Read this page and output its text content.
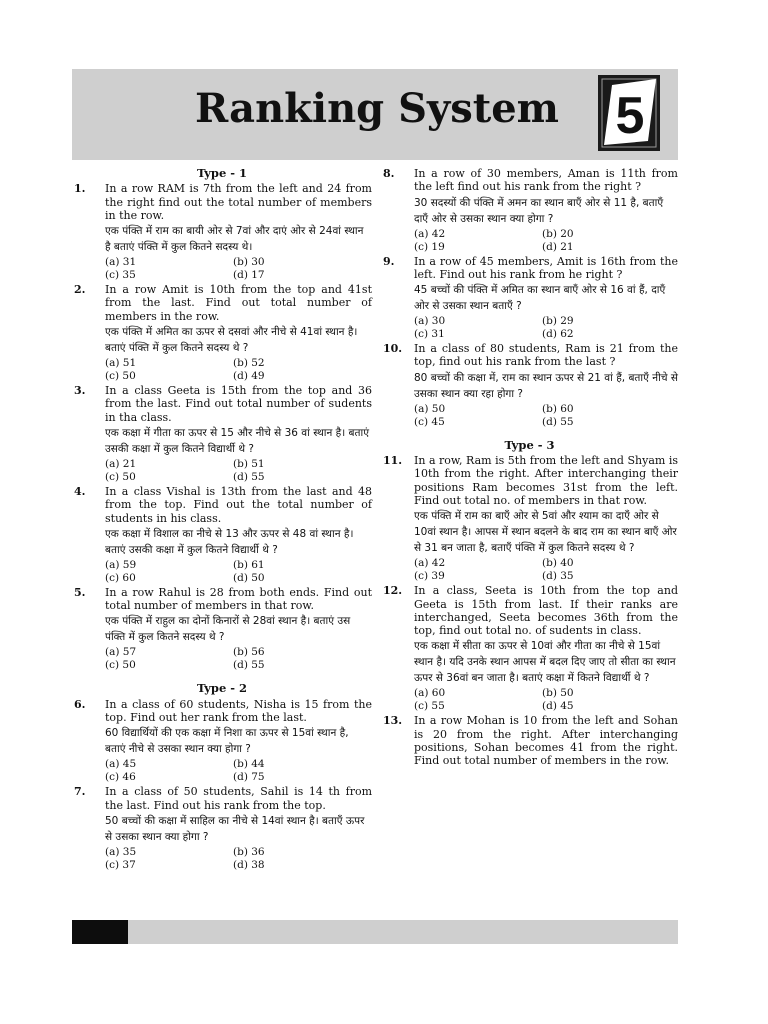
Ranking System 5
Type - 1
1. In a row RAM is 7th from the left and 24 from the right find out the total number of members in the row.
एक पंक्ति में राम का बायी ओर से 7वां और दाएं ओर से 24वां स्थान है बताएं पंक्ति में कुल कितने सदस्य थे।
(a) 31	(b) 30
(c) 35	(d) 17
2. In a row Amit is 10th from the top and 41st from the last. Find out total number of members in the row.
एक पंक्ति में अमित का ऊपर से दसवां और नीचे से 41वां स्थान है। बताएं पंक्ति में कुल कितने सदस्य थे ?
(a) 51	(b) 52
(c) 50	(d) 49
3. In a class Geeta is 15th from the top and 36 from the last. Find out total number of sudents in tha class.
एक कक्षा में गीता का ऊपर से 15 और नीचे से 36 वां स्थान है। बताएं उसकी कक्षा में कुल कितने विद्यार्थी थे ?
(a) 21	(b) 51
(c) 50	(d) 55
4. In a class Vishal is 13th from the last and 48 from the top. Find out the total number of students in his class.
एक कक्षा में विशाल का नीचे से 13 और ऊपर से 48 वां स्थान है। बताएं उसकी कक्षा में कुल कितने विद्यार्थी थे ?
(a) 59	(b) 61
(c) 60	(d) 50
5. In a row Rahul is 28 from both ends. Find out total number of members in that row.
एक पंक्ति में राहुल का दोनों किनारों से 28वां स्थान है। बताएं उस पंक्ति में कुल कितने सदस्य थे ?
(a) 57	(b) 56
(c) 50	(d) 55
Type - 2
6. In a class of 60 students, Nisha is 15 from the top. Find out her rank from the last.
60 विद्यार्थियों की एक कक्षा में निशा का ऊपर से 15वां स्थान है, बताएं नीचे से उसका स्थान क्या होगा ?
(a) 45	(b) 44
(c) 46	(d) 75
7. In a class of 50 students, Sahil is 14 th from the last. Find out his rank from the top.
50 बच्चों की कक्षा में साहिल का नीचे से 14वां स्थान है। बताएँ ऊपर से उसका स्थान क्या होगा ?
(a) 35	(b) 36
(c) 37	(d) 38
8. In a row of 30 members, Aman is 11th from the left find out his rank from the right ?
30 सदस्यों की पंक्ति में अमन का स्थान बाएँ ओर से 11 है, बताएँ दाएँ ओर से उसका स्थान क्या होगा ?
(a) 42	(b) 20
(c) 19	(d) 21
9. In a row of 45 members, Amit is 16th from the left. Find out his rank from he right ?
45 बच्चों की पंक्ति में अमित का स्थान बाएँ ओर से 16 वां हैं, दाएँ ओर से उसका स्थान बताएँ ?
(a) 30	(b) 29
(c) 31	(d) 62
10. In a class of 80 students, Ram is 21 from the top, find out his rank from the last ?
80 बच्चों की कक्षा में, राम का स्थान ऊपर से 21 वां हैं, बताएँ नीचे से उसका स्थान क्या रहा होगा ?
(a) 50	(b) 60
(c) 45	(d) 55
Type - 3
11. In a row, Ram is 5th from the left and Shyam is 10th from the right. After interchanging their positions Ram becomes 31st from the left. Find out total no. of members in that row.
एक पंक्ति में राम का बाएँ ओर से 5वां और श्याम का दाएँ ओर से 10वां स्थान है। आपस में स्थान बदलने के बाद राम का स्थान बाएँ ओर से 31 बन जाता है, बताएँ पंक्ति में कुल कितने सदस्य थे ?
(a) 42	(b) 40
(c) 39	(d) 35
12. In a class, Seeta is 10th from the top and Geeta is 15th from last. If their ranks are interchanged, Seeta becomes 36th from the top, find out total no. of sudents in class.
एक कक्षा में सीता का ऊपर से 10वां और गीता का नीचे से 15वां स्थान है। यदि उनके स्थान आपस में बदल दिए जाए तो सीता का स्थान ऊपर से 36वां बन जाता है। बताएं कक्षा में कितने विद्यार्थी थे ?
(a) 60	(b) 50
(c) 55	(d) 45
13. In a row Mohan is 10 from the left and Sohan is 20 from the right. After interchanging positions, Sohan becomes 41 from the right. Find out total number of members in the row.
